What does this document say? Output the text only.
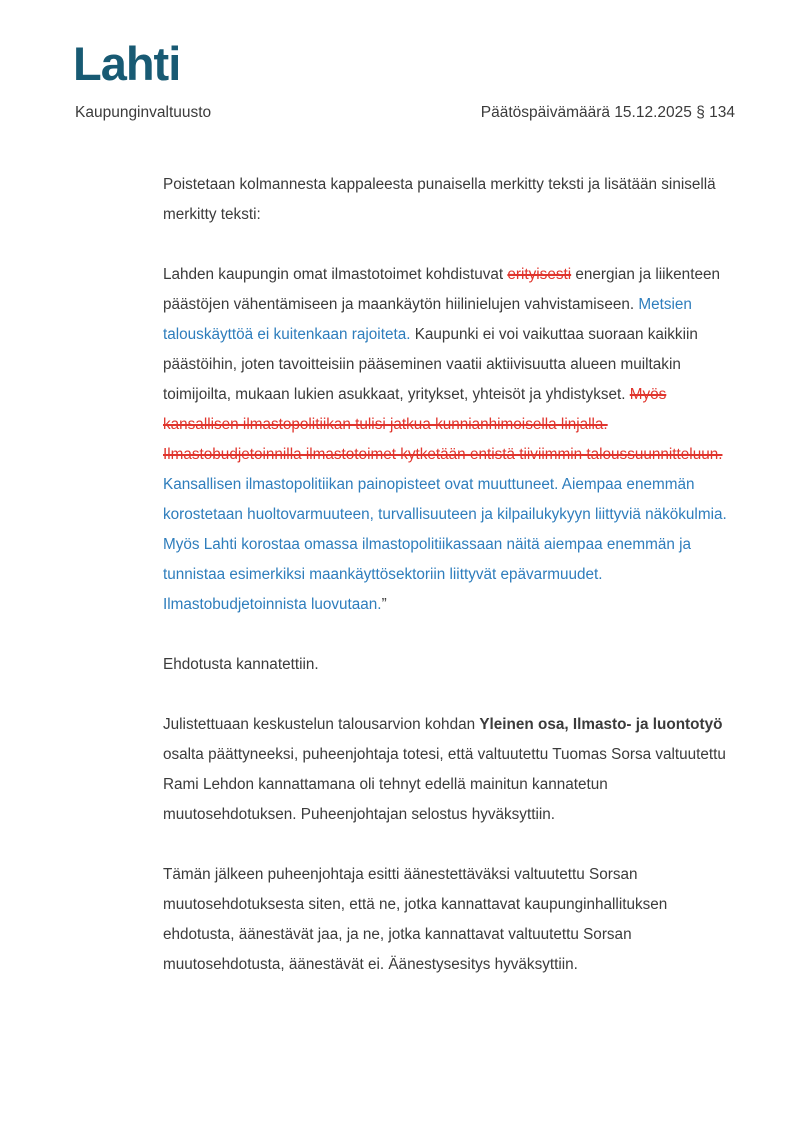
Lahti
Kaupunginvaltuusto	Päätöspäivämäärä 15.12.2025 § 134

Poistetaan kolmannesta kappaleesta punaisella merkitty teksti ja lisätään sinisellä merkitty teksti:

Lahden kaupungin omat ilmastotoimet kohdistuvat erityisesti energian ja liikenteen päästöjen vähentämiseen ja maankäytön hiilinielujen vahvistamiseen. Metsien talouskäyttöä ei kuitenkaan rajoiteta. Kaupunki ei voi vaikuttaa suoraan kaikkiin päästöihin, joten tavoitteisiin pääseminen vaatii aktiivisuutta alueen muiltakin toimijoilta, mukaan lukien asukkaat, yritykset, yhteisöt ja yhdistykset. Myös kansallisen ilmastopolitiikan tulisi jatkua kunnianhimoisella linjalla. Ilmastobudjetoinnilla ilmastotoimet kytketään entistä tiiviimmin taloussuunnitteluun. Kansallisen ilmastopolitiikan painopisteet ovat muuttuneet. Aiempaa enemmän korostetaan huoltovarmuuteen, turvallisuuteen ja kilpailukykyyn liittyviä näkökulmia. Myös Lahti korostaa omassa ilmastopolitiikassaan näitä aiempaa enemmän ja tunnistaa esimerkiksi maankäyttösektoriin liittyvät epävarmuudet. Ilmastobudjetoinnista luovutaan.”

Ehdotusta kannatettiin.

Julistettuaan keskustelun talousarvion kohdan Yleinen osa, Ilmasto- ja luontotyö osalta päättyneeksi, puheenjohtaja totesi, että valtuutettu Tuomas Sorsa valtuutettu Rami Lehdon kannattamana oli tehnyt edellä mainitun kannatetun muutosehdotuksen. Puheenjohtajan selostus hyväksyttiin.

Tämän jälkeen puheenjohtaja esitti äänestettäväksi valtuutettu Sorsan muutosehdotuksesta siten, että ne, jotka kannattavat kaupunginhallituksen ehdotusta, äänestävät jaa, ja ne, jotka kannattavat valtuutettu Sorsan muutosehdotusta, äänestävät ei. Äänestysesitys hyväksyttiin.
